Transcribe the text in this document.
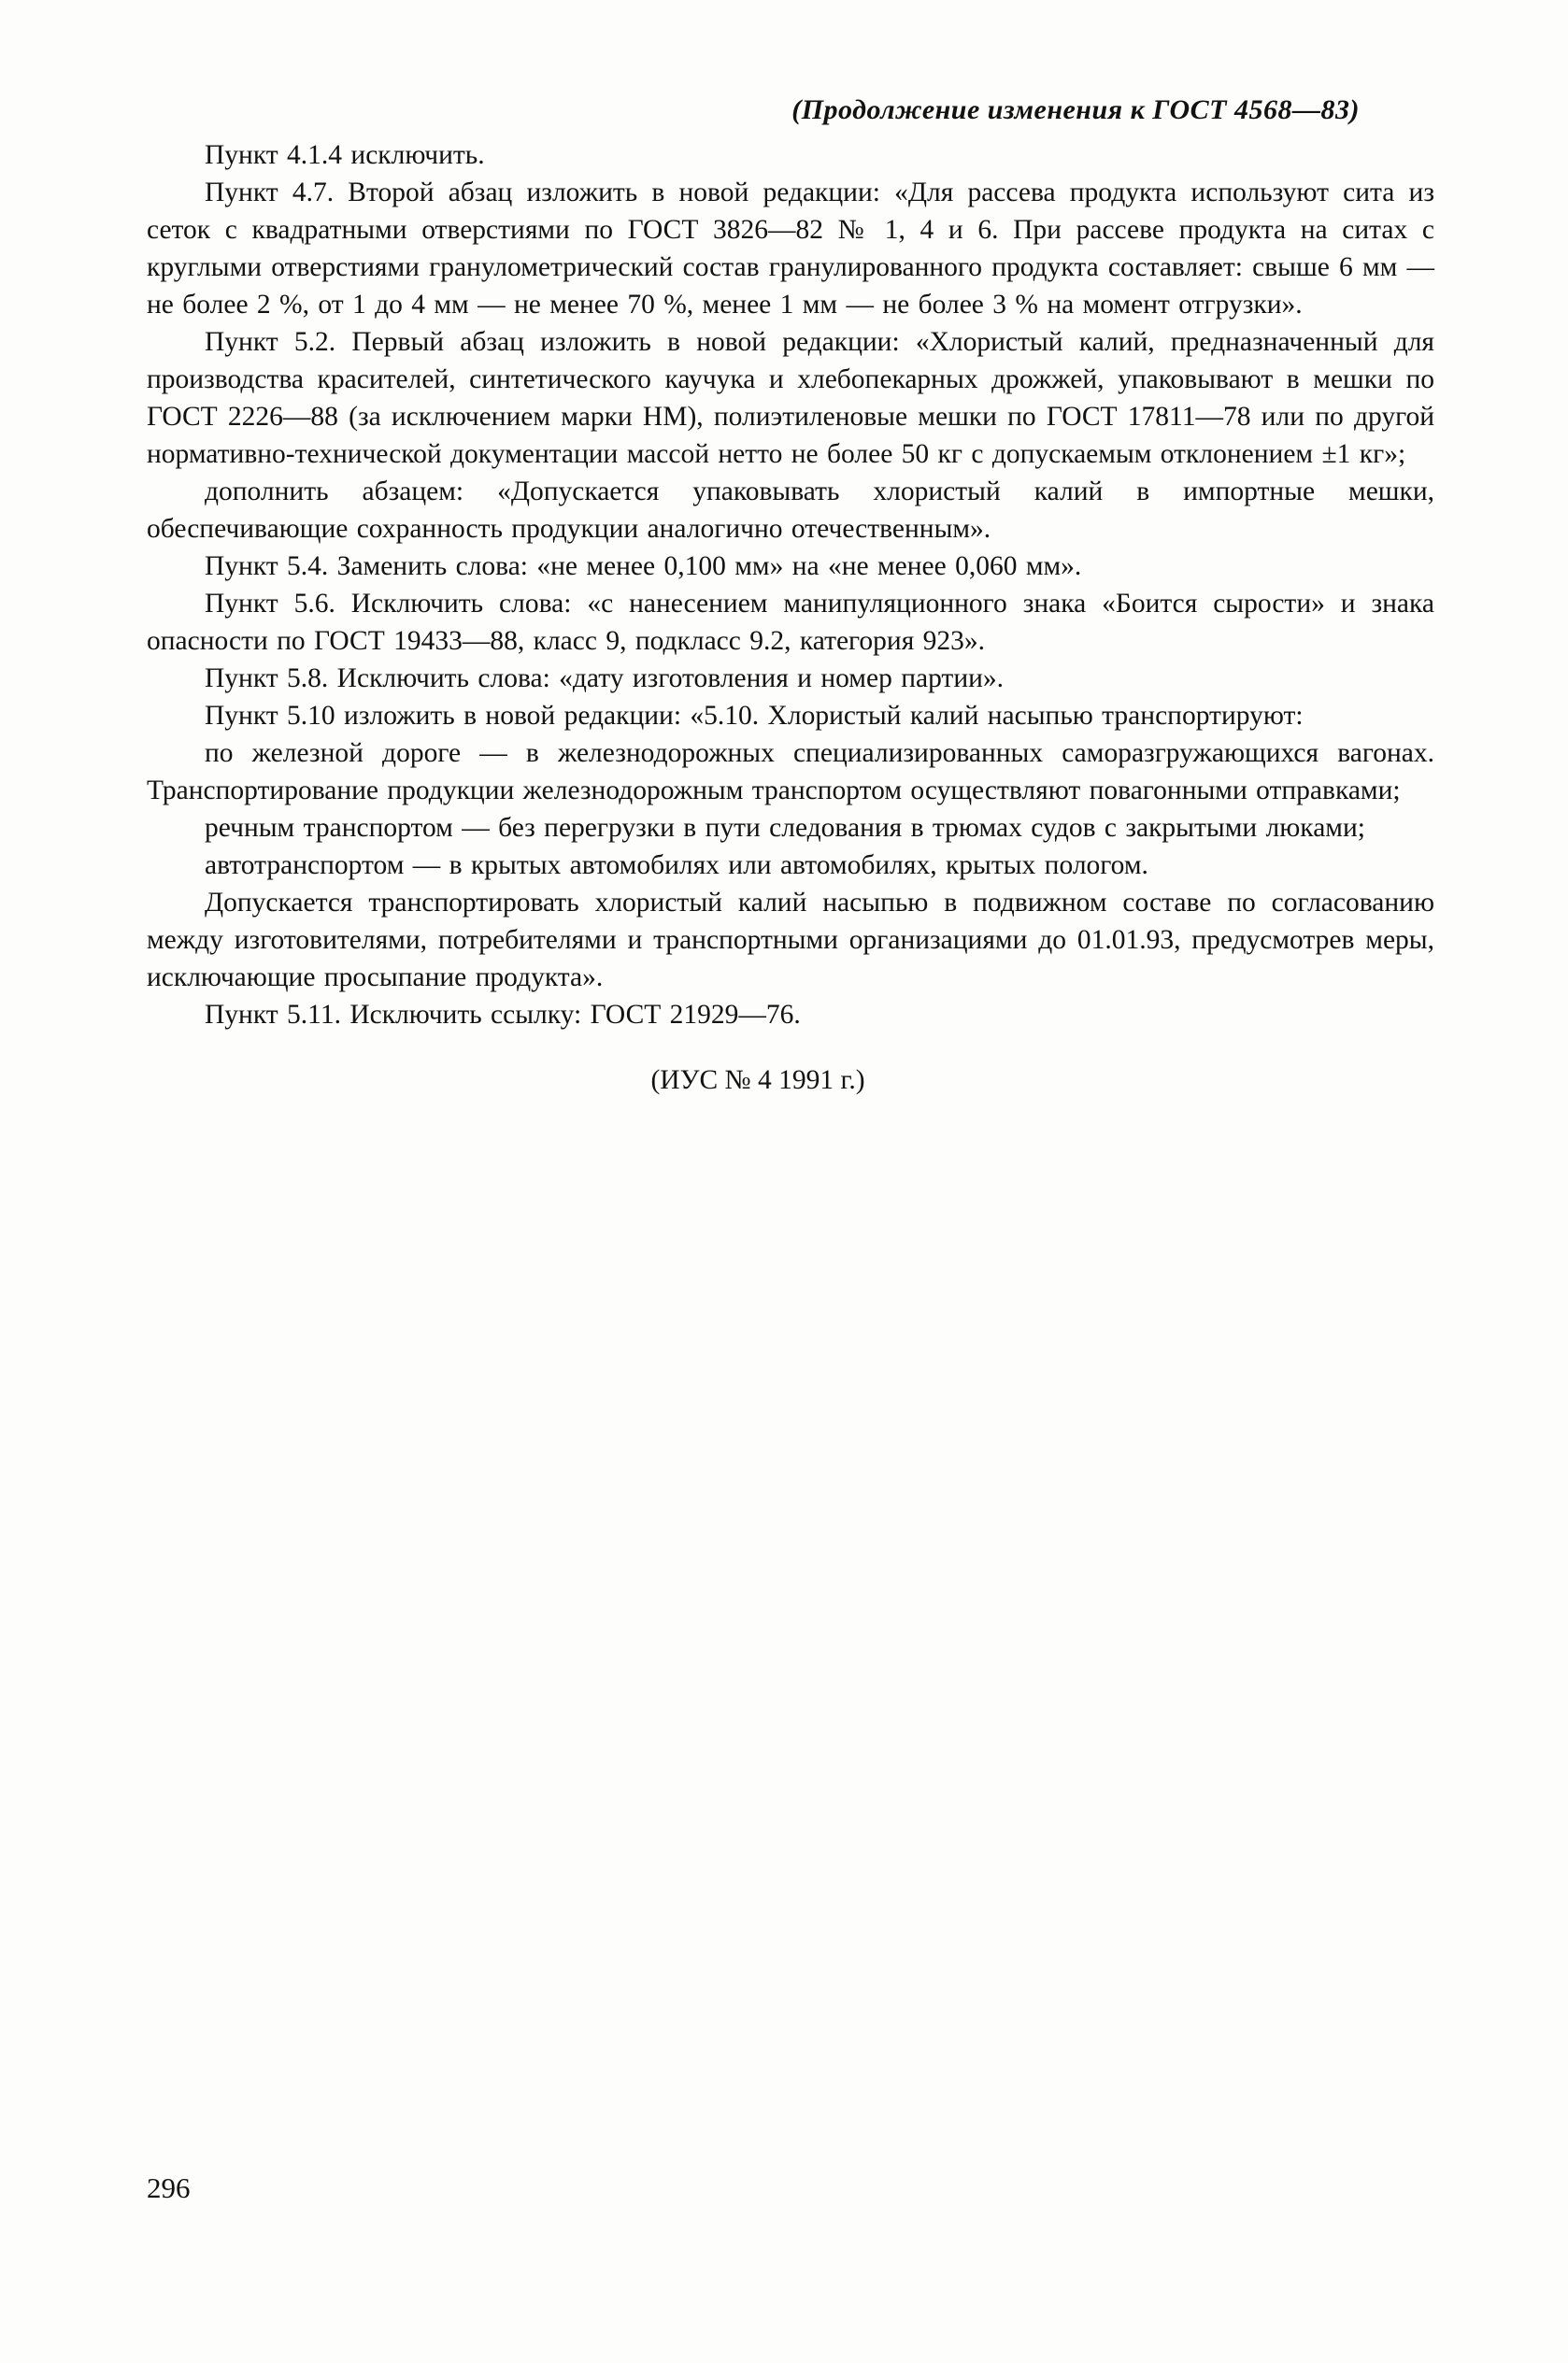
(Продолжение изменения к ГОСТ 4568—83)

Пункт 4.1.4 исключить.

Пункт 4.7. Второй абзац изложить в новой редакции: «Для рассева продукта используют сита из сеток с квадратными отверстиями по ГОСТ 3826—82 № 1, 4 и 6. При рассеве продукта на ситах с круглыми отверстиями гранулометрический состав гранулированного продукта составляет: свыше 6 мм — не более 2 %, от 1 до 4 мм — не менее 70 %, менее 1 мм — не более 3 % на момент отгрузки».

Пункт 5.2. Первый абзац изложить в новой редакции: «Хлористый калий, предназначенный для производства красителей, синтетического каучука и хлебопекарных дрожжей, упаковывают в мешки по ГОСТ 2226—88 (за исключением марки НМ), полиэтиленовые мешки по ГОСТ 17811—78 или по другой нормативно-технической документации массой нетто не более 50 кг с допускаемым отклонением ±1 кг»;

дополнить абзацем: «Допускается упаковывать хлористый калий в импортные мешки, обеспечивающие сохранность продукции аналогично отечественным».

Пункт 5.4. Заменить слова: «не менее 0,100 мм» на «не менее 0,060 мм».

Пункт 5.6. Исключить слова: «с нанесением манипуляционного знака «Боится сырости» и знака опасности по ГОСТ 19433—88, класс 9, подкласс 9.2, категория 923».

Пункт 5.8. Исключить слова: «дату изготовления и номер партии».

Пункт 5.10 изложить в новой редакции: «5.10. Хлористый калий насыпью транспортируют:

по железной дороге — в железнодорожных специализированных саморазгружающихся вагонах. Транспортирование продукции железнодорожным транспортом осуществляют повагонными отправками;

речным транспортом — без перегрузки в пути следования в трюмах судов с закрытыми люками;

автотранспортом — в крытых автомобилях или автомобилях, крытых пологом.

Допускается транспортировать хлористый калий насыпью в подвижном составе по согласованию между изготовителями, потребителями и транспортными организациями до 01.01.93, предусмотрев меры, исключающие просыпание продукта».

Пункт 5.11. Исключить ссылку: ГОСТ 21929—76.

(ИУС № 4 1991 г.)
296
